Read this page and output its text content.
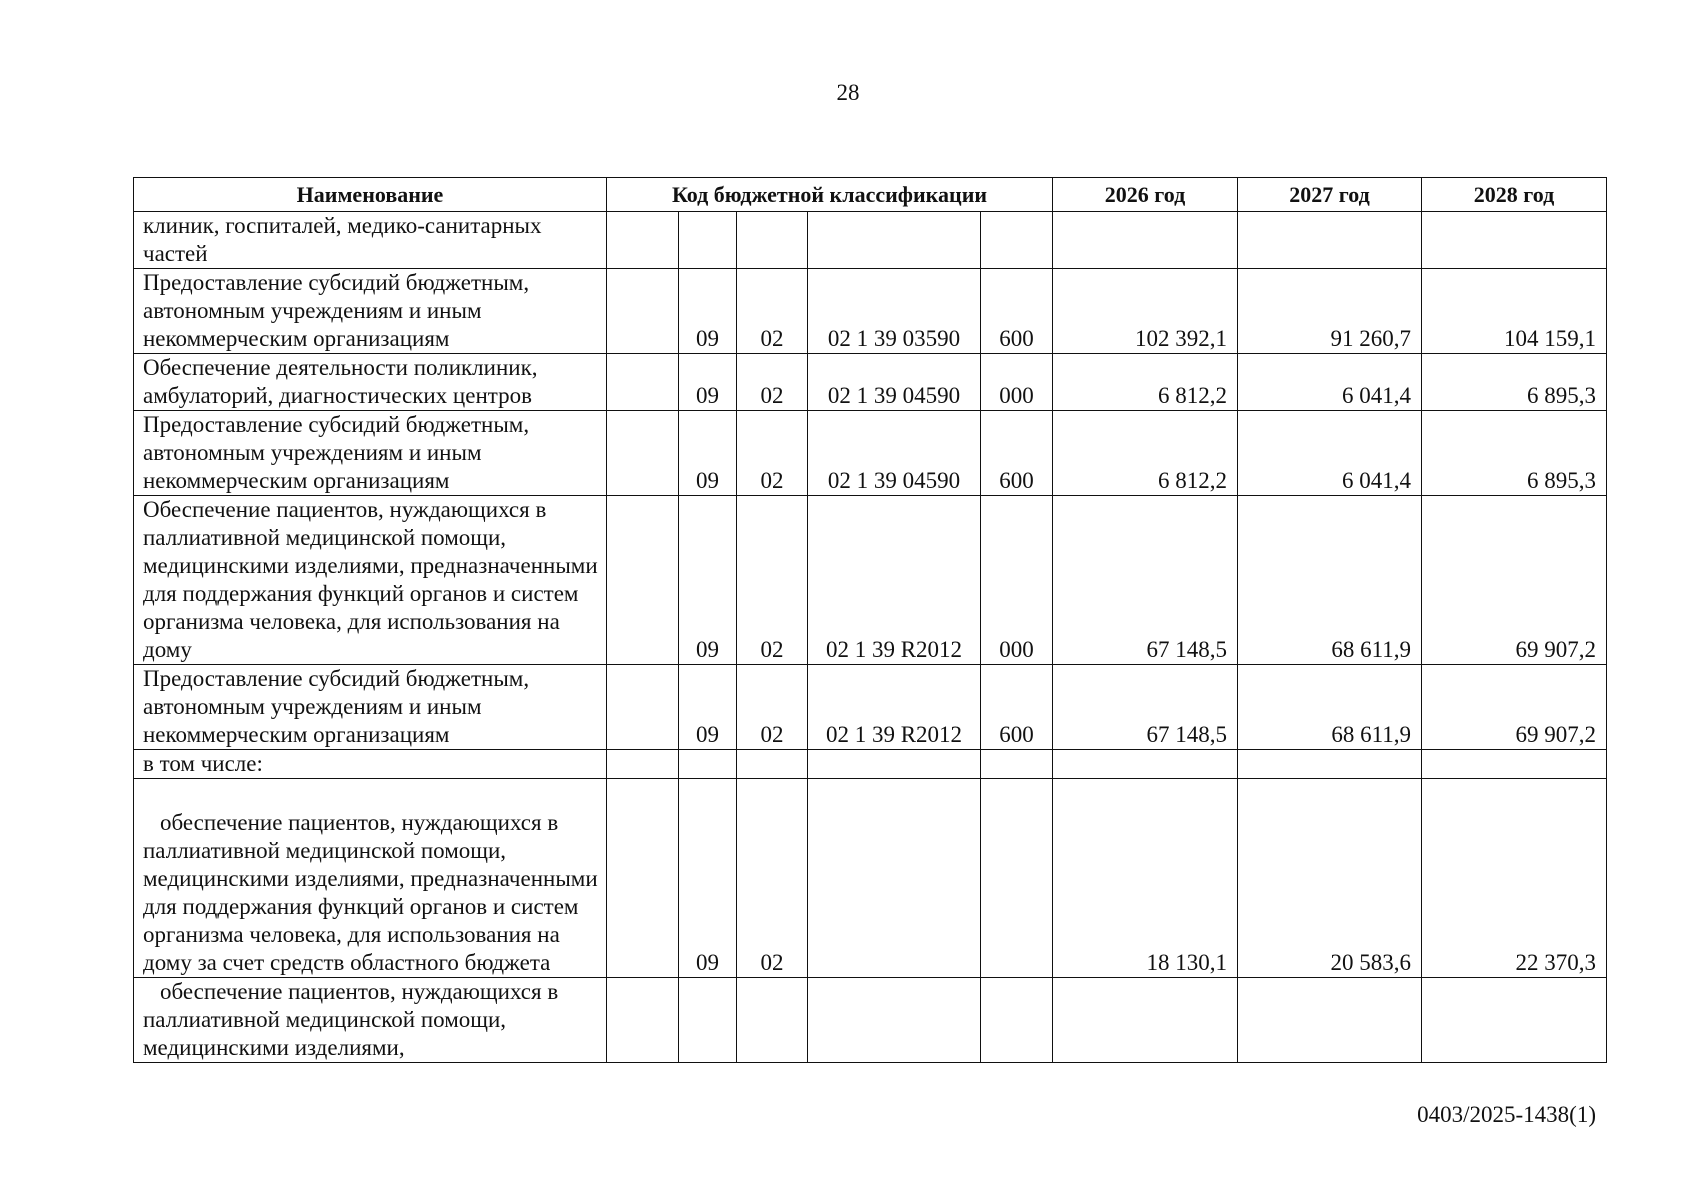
28
Наименование	Код бюджетной классификации					2026 год	2027 год	2028 год
клиник, госпиталей, медико-санитарных частей								
Предоставление субсидий бюджетным, автономным учреждениям и иным некоммерческим организациям		09	02	02 1 39 03590	600	102 392,1	91 260,7	104 159,1
Обеспечение деятельности поликлиник, амбулаторий, диагностических центров		09	02	02 1 39 04590	000	6 812,2	6 041,4	6 895,3
Предоставление субсидий бюджетным, автономным учреждениям и иным некоммерческим организациям		09	02	02 1 39 04590	600	6 812,2	6 041,4	6 895,3
Обеспечение пациентов, нуждающихся в паллиативной медицинской помощи, медицинскими изделиями, предназначенными для поддержания функций органов и систем организма человека, для использования на дому		09	02	02 1 39 R2012	000	67 148,5	68 611,9	69 907,2
Предоставление субсидий бюджетным, автономным учреждениям и иным некоммерческим организациям		09	02	02 1 39 R2012	600	67 148,5	68 611,9	69 907,2
в том числе:								
обеспечение пациентов, нуждающихся в паллиативной медицинской помощи, медицинскими изделиями, предназначенными для поддержания функций органов и систем организма человека, для использования на дому за счет средств областного бюджета		09	02			18 130,1	20 583,6	22 370,3
обеспечение пациентов, нуждающихся в паллиативной медицинской помощи, медицинскими изделиями,								
0403/2025-1438(1)
